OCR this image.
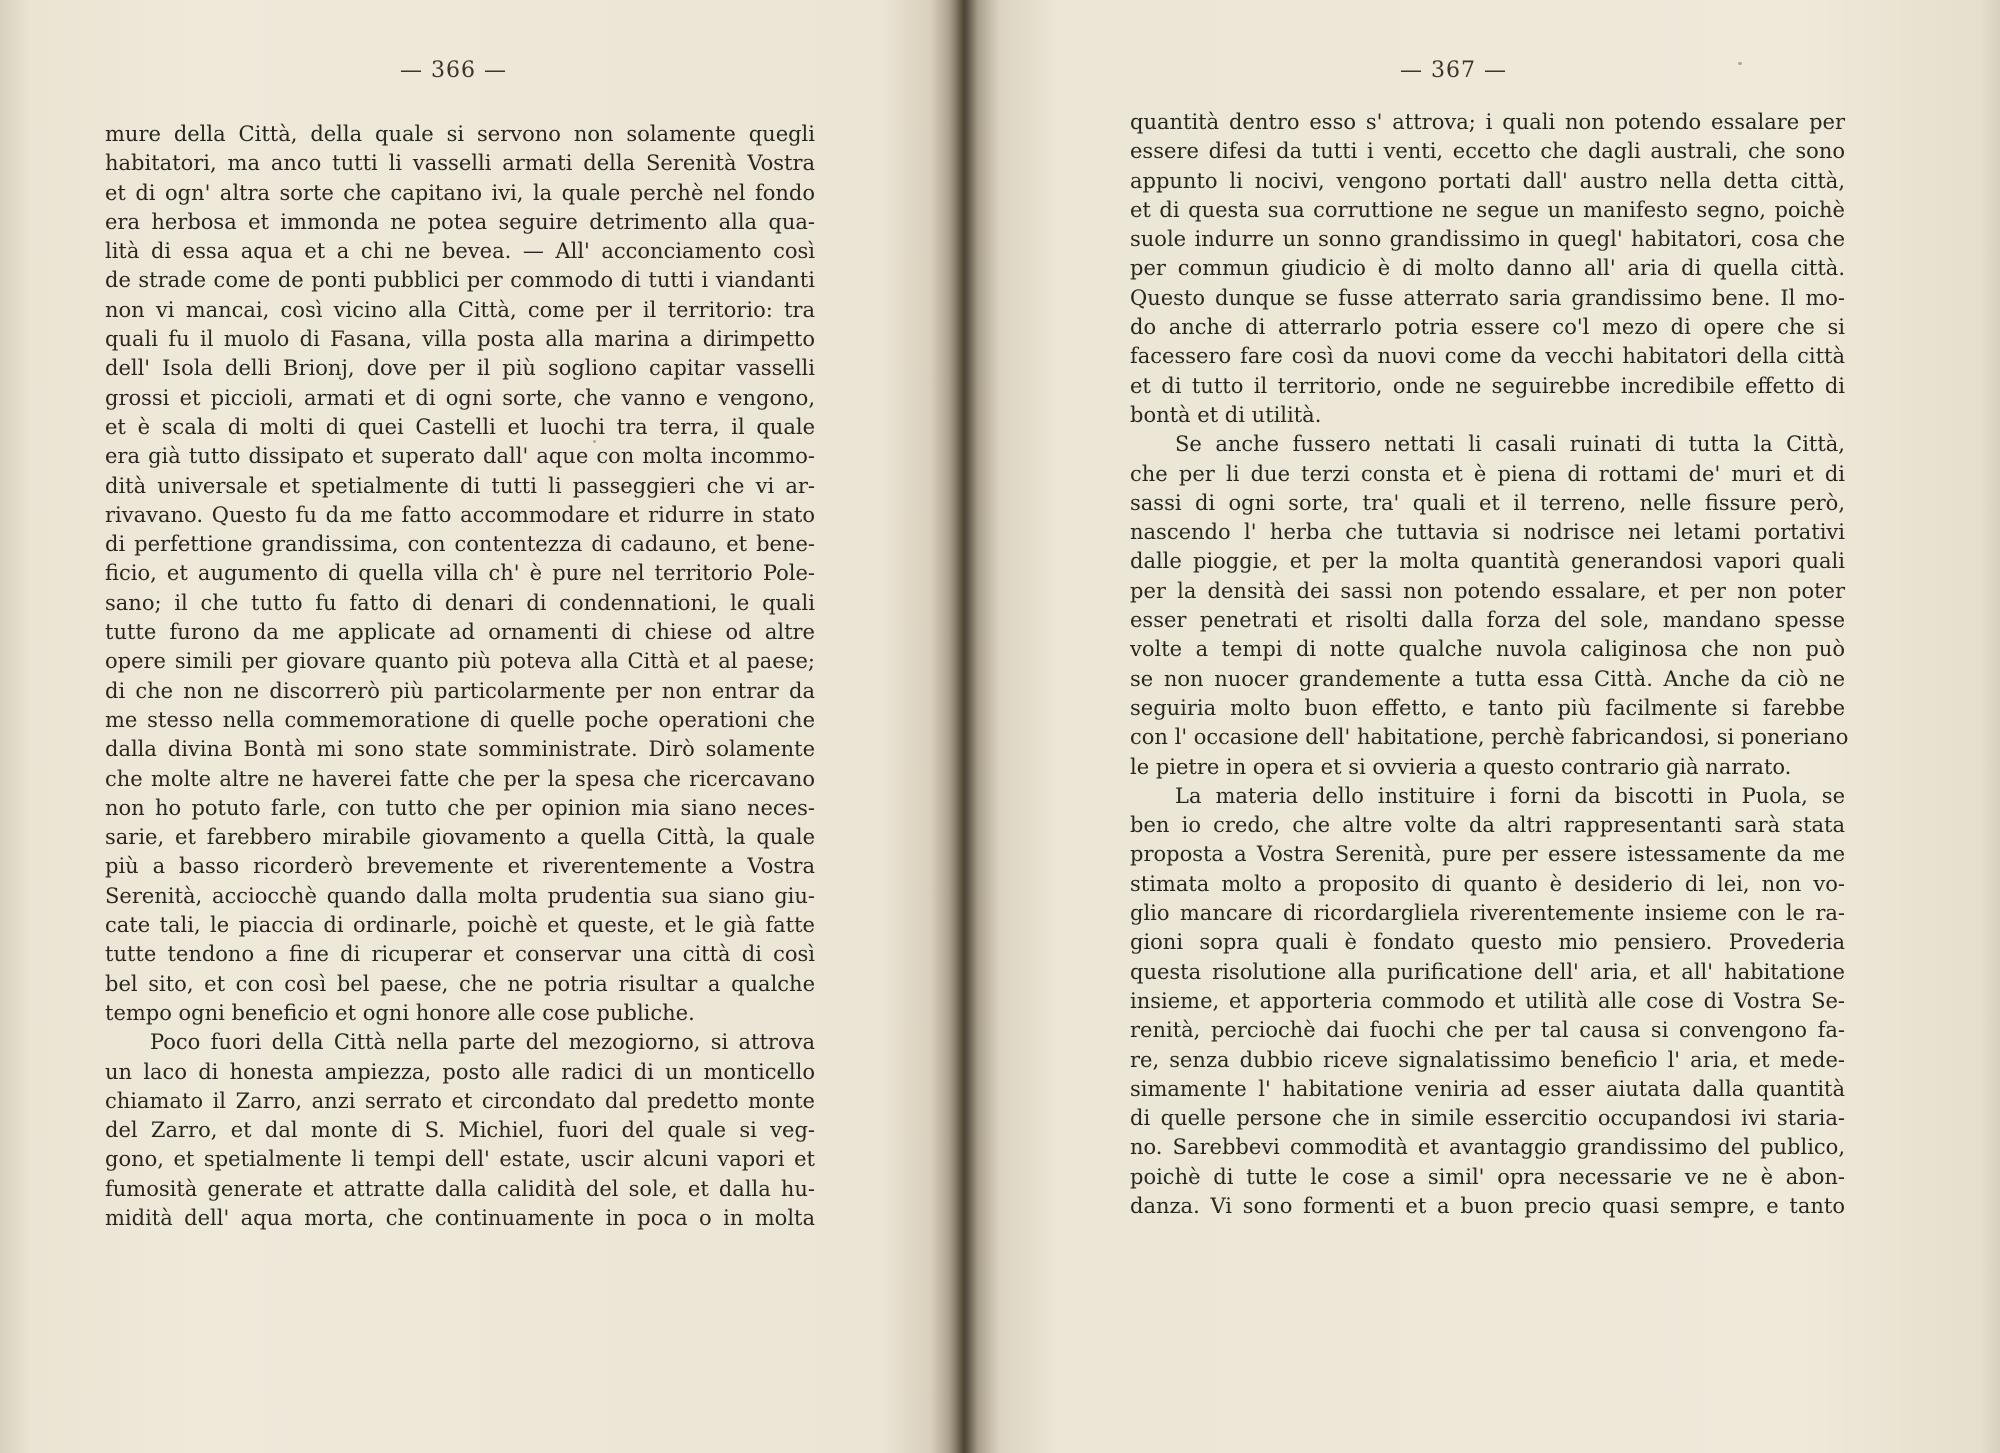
— 366 —
mure della Città, della quale si servono non solamente quegli
habitatori, ma anco tutti li vasselli armati della Serenità Vostra
et di ogn' altra sorte che capitano ivi, la quale perchè nel fondo
era herbosa et immonda ne potea seguire detrimento alla qua-
lità di essa aqua et a chi ne bevea. — All' acconciamento così
de strade come de ponti pubblici per commodo di tutti i viandanti
non vi mancai, così vicino alla Città, come per il territorio: tra
quali fu il muolo di Fasana, villa posta alla marina a dirimpetto
dell' Isola delli Brionj, dove per il più sogliono capitar vasselli
grossi et piccioli, armati et di ogni sorte, che vanno e vengono,
et è scala di molti di quei Castelli et luochi tra terra, il quale
era già tutto dissipato et superato dall' aque con molta incommo-
dità universale et spetialmente di tutti li passeggieri che vi ar-
rivavano. Questo fu da me fatto accommodare et ridurre in stato
di perfettione grandissima, con contentezza di cadauno, et bene-
ficio, et augumento di quella villa ch' è pure nel territorio Pole-
sano; il che tutto fu fatto di denari di condennationi, le quali
tutte furono da me applicate ad ornamenti di chiese od altre
opere simili per giovare quanto più poteva alla Città et al paese;
di che non ne discorrerò più particolarmente per non entrar da
me stesso nella commemoratione di quelle poche operationi che
dalla divina Bontà mi sono state somministrate. Dirò solamente
che molte altre ne haverei fatte che per la spesa che ricercavano
non ho potuto farle, con tutto che per opinion mia siano neces-
sarie, et farebbero mirabile giovamento a quella Città, la quale
più a basso ricorderò brevemente et riverentemente a Vostra
Serenità, acciocchè quando dalla molta prudentia sua siano giu-
cate tali, le piaccia di ordinarle, poichè et queste, et le già fatte
tutte tendono a fine di ricuperar et conservar una città di così
bel sito, et con così bel paese, che ne potria risultar a qualche
tempo ogni beneficio et ogni honore alle cose publiche.
Poco fuori della Città nella parte del mezogiorno, si attrova
un laco di honesta ampiezza, posto alle radici di un monticello
chiamato il Zarro, anzi serrato et circondato dal predetto monte
del Zarro, et dal monte di S. Michiel, fuori del quale si veg-
gono, et spetialmente li tempi dell' estate, uscir alcuni vapori et
fumosità generate et attratte dalla calidità del sole, et dalla hu-
midità dell' aqua morta, che continuamente in poca o in molta
— 367 —
quantità dentro esso s' attrova; i quali non potendo essalare per
essere difesi da tutti i venti, eccetto che dagli australi, che sono
appunto li nocivi, vengono portati dall' austro nella detta città,
et di questa sua corruttione ne segue un manifesto segno, poichè
suole indurre un sonno grandissimo in quegl' habitatori, cosa che
per commun giudicio è di molto danno all' aria di quella città.
Questo dunque se fusse atterrato saria grandissimo bene. Il mo-
do anche di atterrarlo potria essere co'l mezo di opere che si
facessero fare così da nuovi come da vecchi habitatori della città
et di tutto il territorio, onde ne seguirebbe incredibile effetto di
bontà et di utilità.
Se anche fussero nettati li casali ruinati di tutta la Città,
che per li due terzi consta et è piena di rottami de' muri et di
sassi di ogni sorte, tra' quali et il terreno, nelle fissure però,
nascendo l' herba che tuttavia si nodrisce nei letami portativi
dalle pioggie, et per la molta quantità generandosi vapori quali
per la densità dei sassi non potendo essalare, et per non poter
esser penetrati et risolti dalla forza del sole, mandano spesse
volte a tempi di notte qualche nuvola caliginosa che non può
se non nuocer grandemente a tutta essa Città. Anche da ciò ne
seguiria molto buon effetto, e tanto più facilmente si farebbe
con l' occasione dell' habitatione, perchè fabricandosi, si poneriano
le pietre in opera et si ovvieria a questo contrario già narrato.
La materia dello instituire i forni da biscotti in Puola, se
ben io credo, che altre volte da altri rappresentanti sarà stata
proposta a Vostra Serenità, pure per essere istessamente da me
stimata molto a proposito di quanto è desiderio di lei, non vo-
glio mancare di ricordargliela riverentemente insieme con le ra-
gioni sopra quali è fondato questo mio pensiero. Provederia
questa risolutione alla purificatione dell' aria, et all' habitatione
insieme, et apporteria commodo et utilità alle cose di Vostra Se-
renità, perciochè dai fuochi che per tal causa si convengono fa-
re, senza dubbio riceve signalatissimo beneficio l' aria, et mede-
simamente l' habitatione veniria ad esser aiutata dalla quantità
di quelle persone che in simile essercitio occupandosi ivi staria-
no. Sarebbevi commodità et avantaggio grandissimo del publico,
poichè di tutte le cose a simil' opra necessarie ve ne è abon-
danza. Vi sono formenti et a buon precio quasi sempre, e tanto
